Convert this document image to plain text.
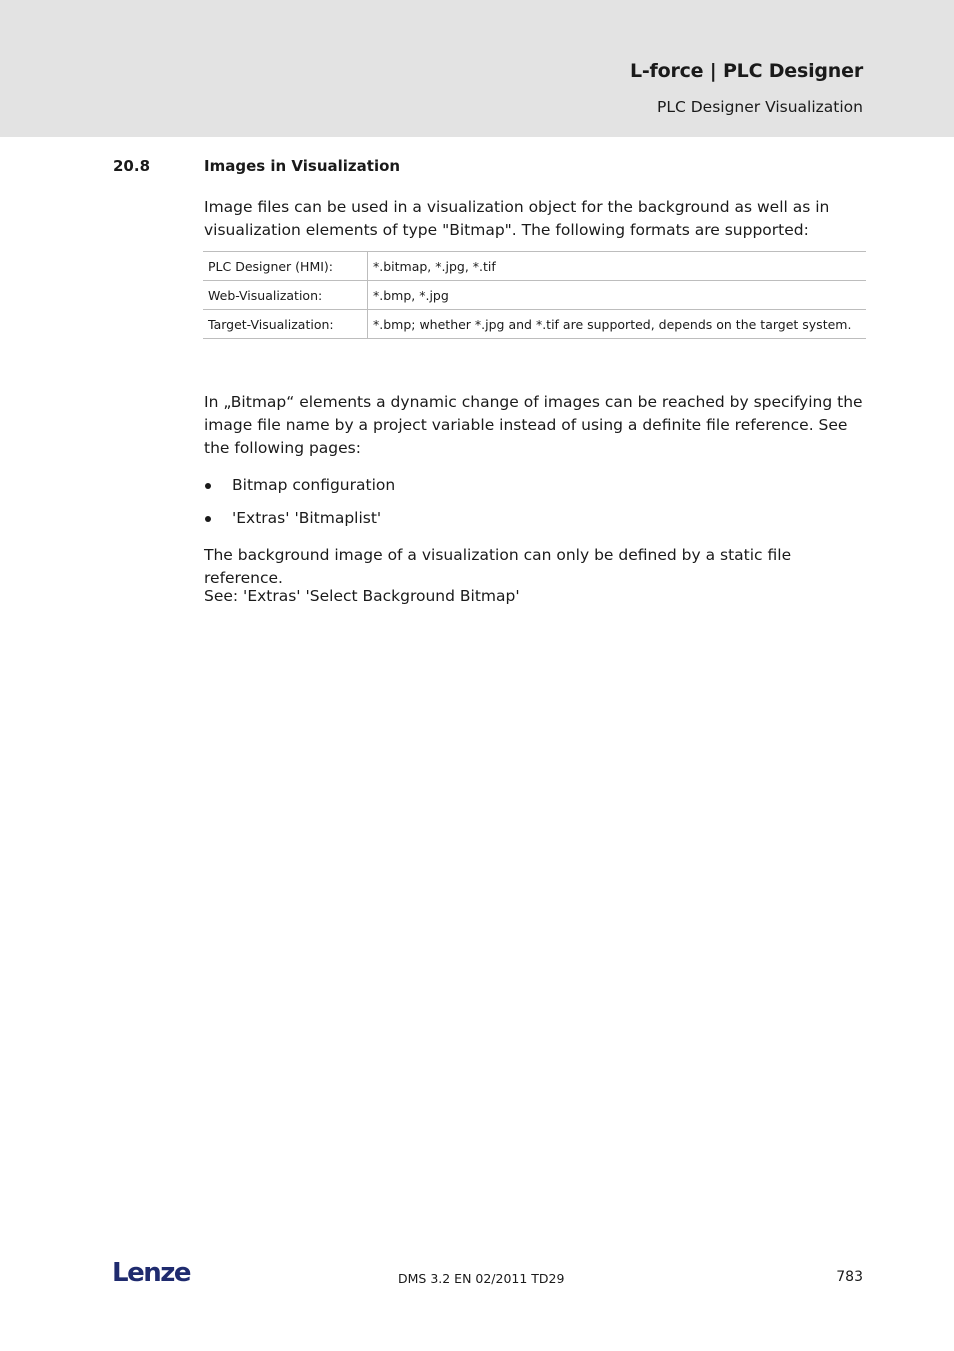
L-force | PLC Designer
PLC Designer Visualization
20.8	Images in Visualization
Image files can be used in a visualization object for the background as well as in visualization elements of type "Bitmap". The following formats are supported:
PLC Designer (HMI):	*.bitmap, *.jpg, *.tif
Web-Visualization:	*.bmp, *.jpg
Target-Visualization:	*.bmp; whether *.jpg and *.tif are supported, depends on the target system.
In „Bitmap“ elements a dynamic change of images can be reached by specifying the image file name by a project variable instead of using a definite file reference. See the following pages:
Bitmap configuration
'Extras' 'Bitmaplist'
The background image of a visualization can only be defined by a static file reference.
See: 'Extras' 'Select Background Bitmap'
Lenze	DMS 3.2 EN 02/2011 TD29	783
